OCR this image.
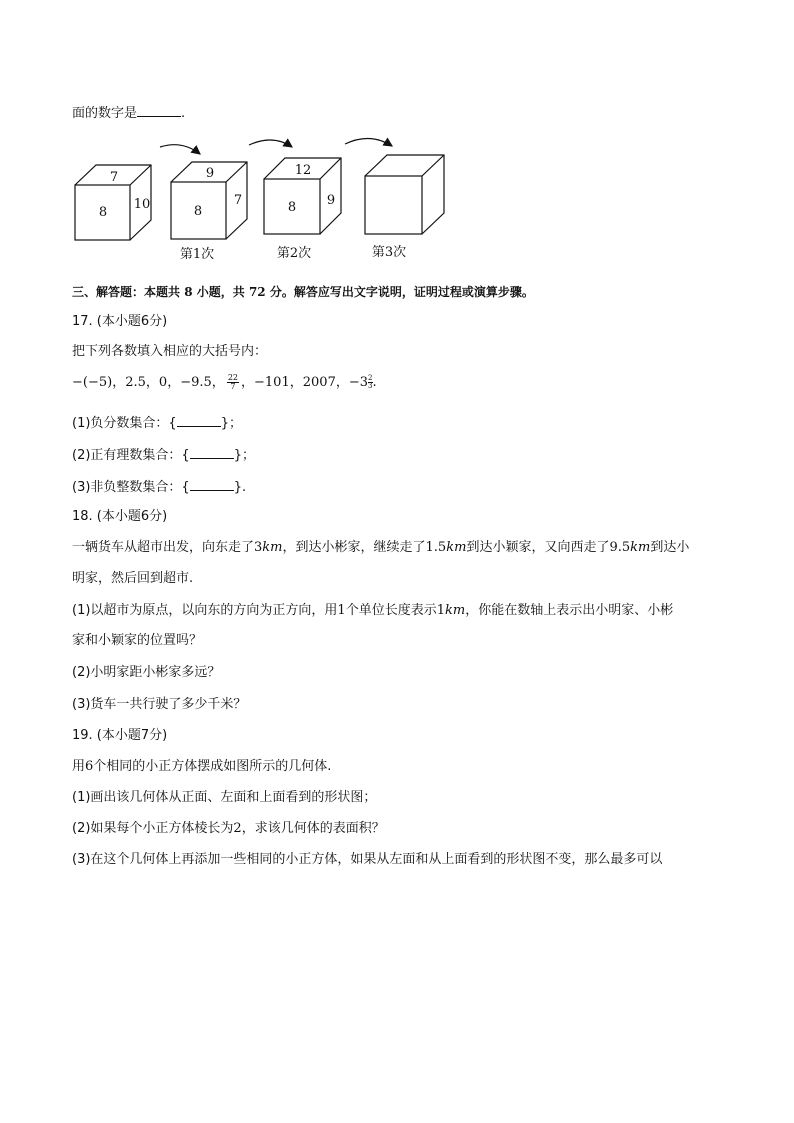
面的数字是	.
7
8
10
9
8
7
12
8 9
第1次	第2次	第3次
三、解答题：本题共 8 小题，共 72 分。解答应写出文字说明，证明过程或演算步骤。
17. (本小题6分)
把下列各数填入相应的大括号内：
−(−5)，2.5，0，−9.5， $\frac{22}{7}$ ，−101，2007，$-3 \frac{2}{3}$ .
(1)负分数集合：{	}；
(2)正有理数集合：{	}；
(3)非负整数集合：{	}.
18. (本小题6分)
一辆货车从超市出发，向东走了3km，到达小彬家，继续走了1.5km到达小颖家，又向西走了9.5km到达小
明家，然后回到超市.
(1)以超市为原点，以向东的方向为正方向，用1个单位长度表示1km，你能在数轴上表示出小明家、小彬
家和小颖家的位置吗？
(2)小明家距小彬家多远？
(3)货车一共行驶了多少千米？
19. (本小题7分)
用6个相同的小正方体摆成如图所示的几何体.
(1)画出该几何体从正面、左面和上面看到的形状图；
(2)如果每个小正方体棱长为2，求该几何体的表面积？
(3)在这个几何体上再添加一些相同的小正方体，如果从左面和从上面看到的形状图不变，那么最多可以
